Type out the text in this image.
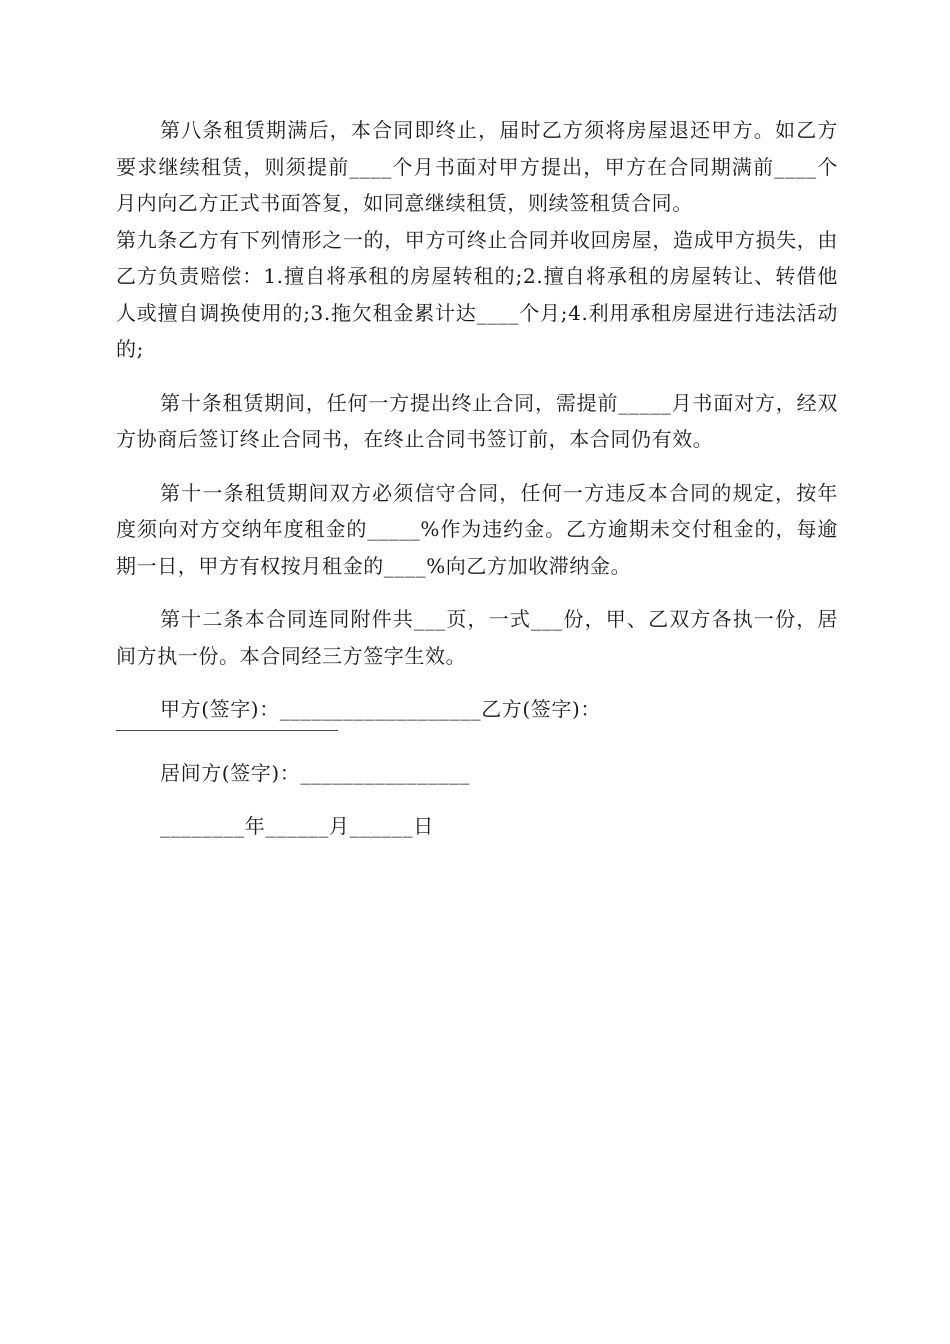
第八条租赁期满后，本合同即终止，届时乙方须将房屋退还甲方。如乙方要求继续租赁，则须提前____个月书面对甲方提出，甲方在合同期满前____个月内向乙方正式书面答复，如同意继续租赁，则续签租赁合同。

第九条乙方有下列情形之一的，甲方可终止合同并收回房屋，造成甲方损失，由乙方负责赔偿：1.擅自将承租的房屋转租的;2.擅自将承租的房屋转让、转借他人或擅自调换使用的;3.拖欠租金累计达____个月;4.利用承租房屋进行违法活动的;

第十条租赁期间，任何一方提出终止合同，需提前_____月书面对方，经双方协商后签订终止合同书，在终止合同书签订前，本合同仍有效。

第十一条租赁期间双方必须信守合同，任何一方违反本合同的规定，按年度须向对方交纳年度租金的_____%作为违约金。乙方逾期未交付租金的，每逾期一日，甲方有权按月租金的____%向乙方加收滞纳金。

第十二条本合同连同附件共___页，一式___份，甲、乙双方各执一份，居间方执一份。本合同经三方签字生效。

甲方(签字)：___________________乙方(签字)：

居间方(签字)：________________

________年______月______日
